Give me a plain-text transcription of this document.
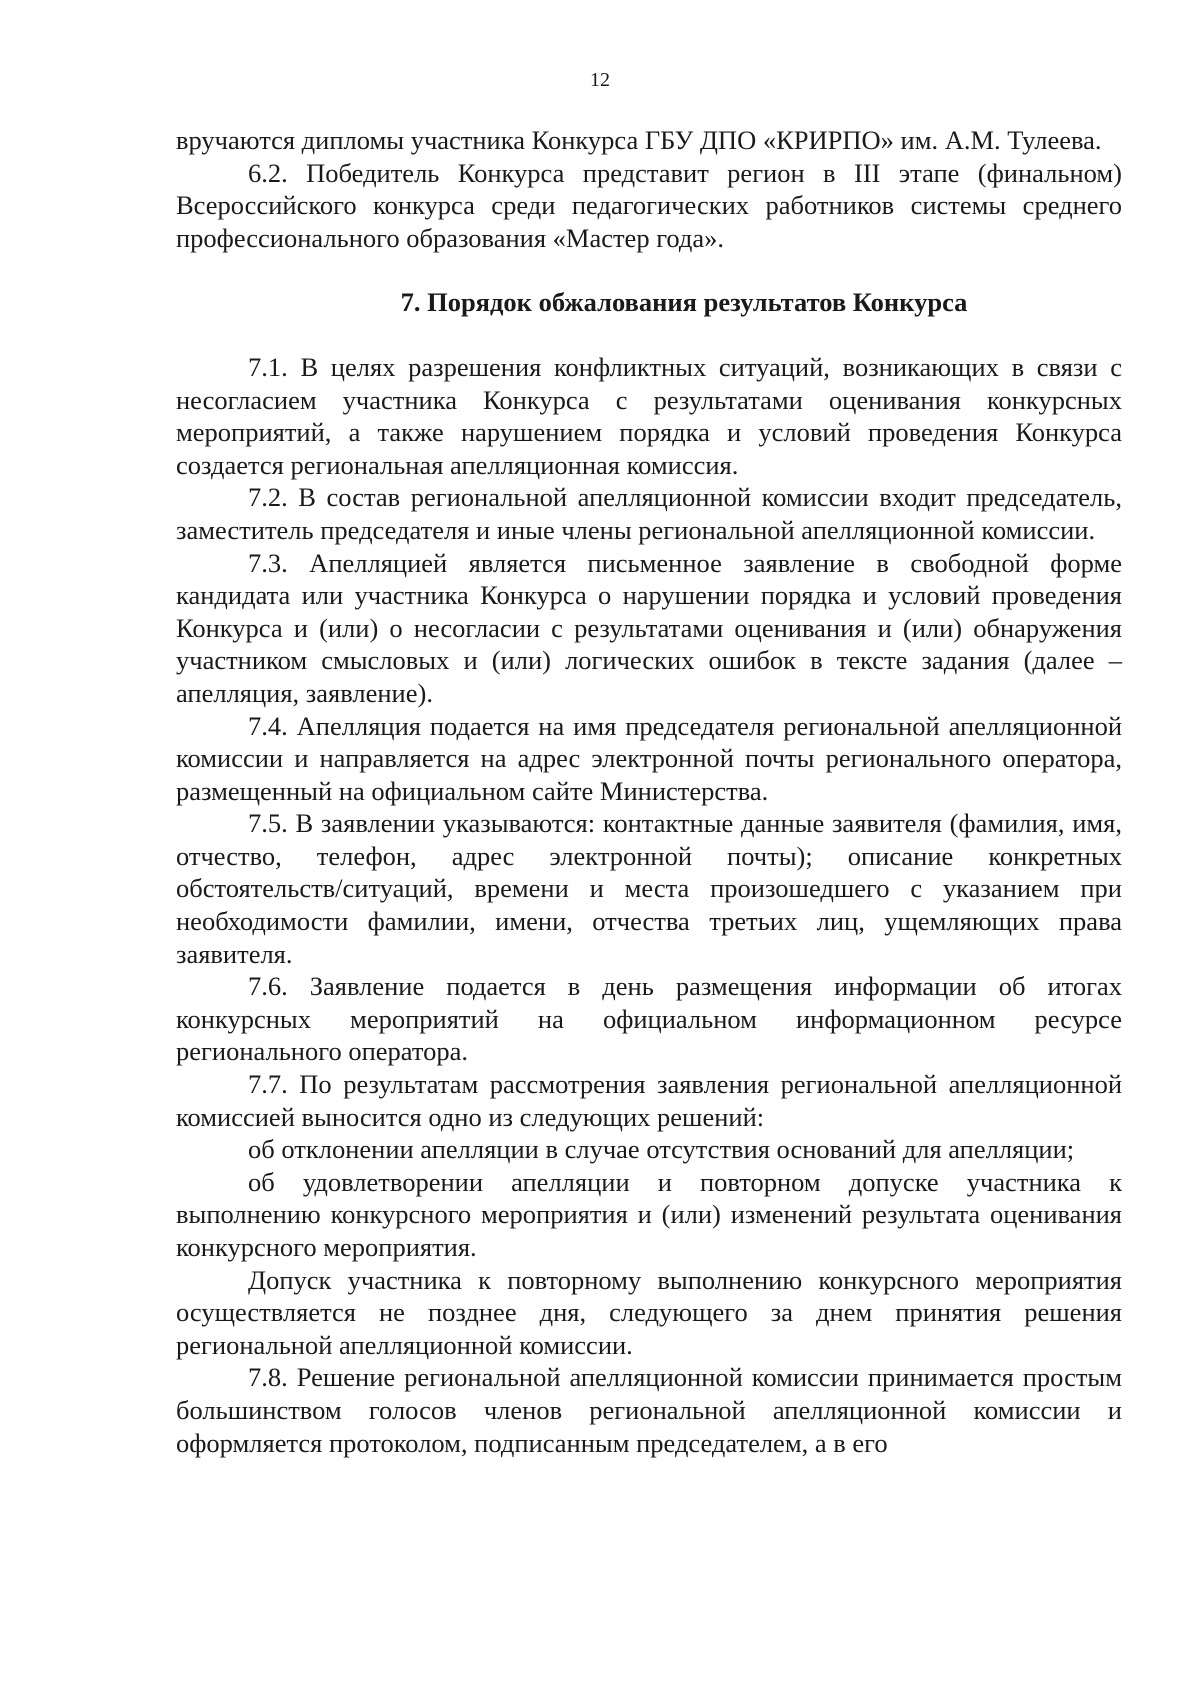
12

вручаются дипломы участника Конкурса ГБУ ДПО «КРИРПО» им. А.М. Тулеева.

6.2. Победитель Конкурса представит регион в III этапе (финальном) Всероссийского конкурса среди педагогических работников системы среднего профессионального образования «Мастер года».

7. Порядок обжалования результатов Конкурса

7.1. В целях разрешения конфликтных ситуаций, возникающих в связи с несогласием участника Конкурса с результатами оценивания конкурсных мероприятий, а также нарушением порядка и условий проведения Конкурса создается региональная апелляционная комиссия.

7.2. В состав региональной апелляционной комиссии входит председатель, заместитель председателя и иные члены региональной апелляционной комиссии.

7.3. Апелляцией является письменное заявление в свободной форме кандидата или участника Конкурса о нарушении порядка и условий проведения Конкурса и (или) о несогласии с результатами оценивания и (или) обнаружения участником смысловых и (или) логических ошибок в тексте задания (далее – апелляция, заявление).

7.4. Апелляция подается на имя председателя региональной апелляционной комиссии и направляется на адрес электронной почты регионального оператора, размещенный на официальном сайте Министерства.

7.5. В заявлении указываются: контактные данные заявителя (фамилия, имя, отчество, телефон, адрес электронной почты); описание конкретных обстоятельств/ситуаций, времени и места произошедшего с указанием при необходимости фамилии, имени, отчества третьих лиц, ущемляющих права заявителя.

7.6. Заявление подается в день размещения информации об итогах конкурсных мероприятий на официальном информационном ресурсе регионального оператора.

7.7. По результатам рассмотрения заявления региональной апелляционной комиссией выносится одно из следующих решений:

об отклонении апелляции в случае отсутствия оснований для апелляции;

об удовлетворении апелляции и повторном допуске участника к выполнению конкурсного мероприятия и (или) изменений результата оценивания конкурсного мероприятия.

Допуск участника к повторному выполнению конкурсного мероприятия осуществляется не позднее дня, следующего за днем принятия решения региональной апелляционной комиссии.

7.8. Решение региональной апелляционной комиссии принимается простым большинством голосов членов региональной апелляционной комиссии и оформляется протоколом, подписанным председателем, а в его
